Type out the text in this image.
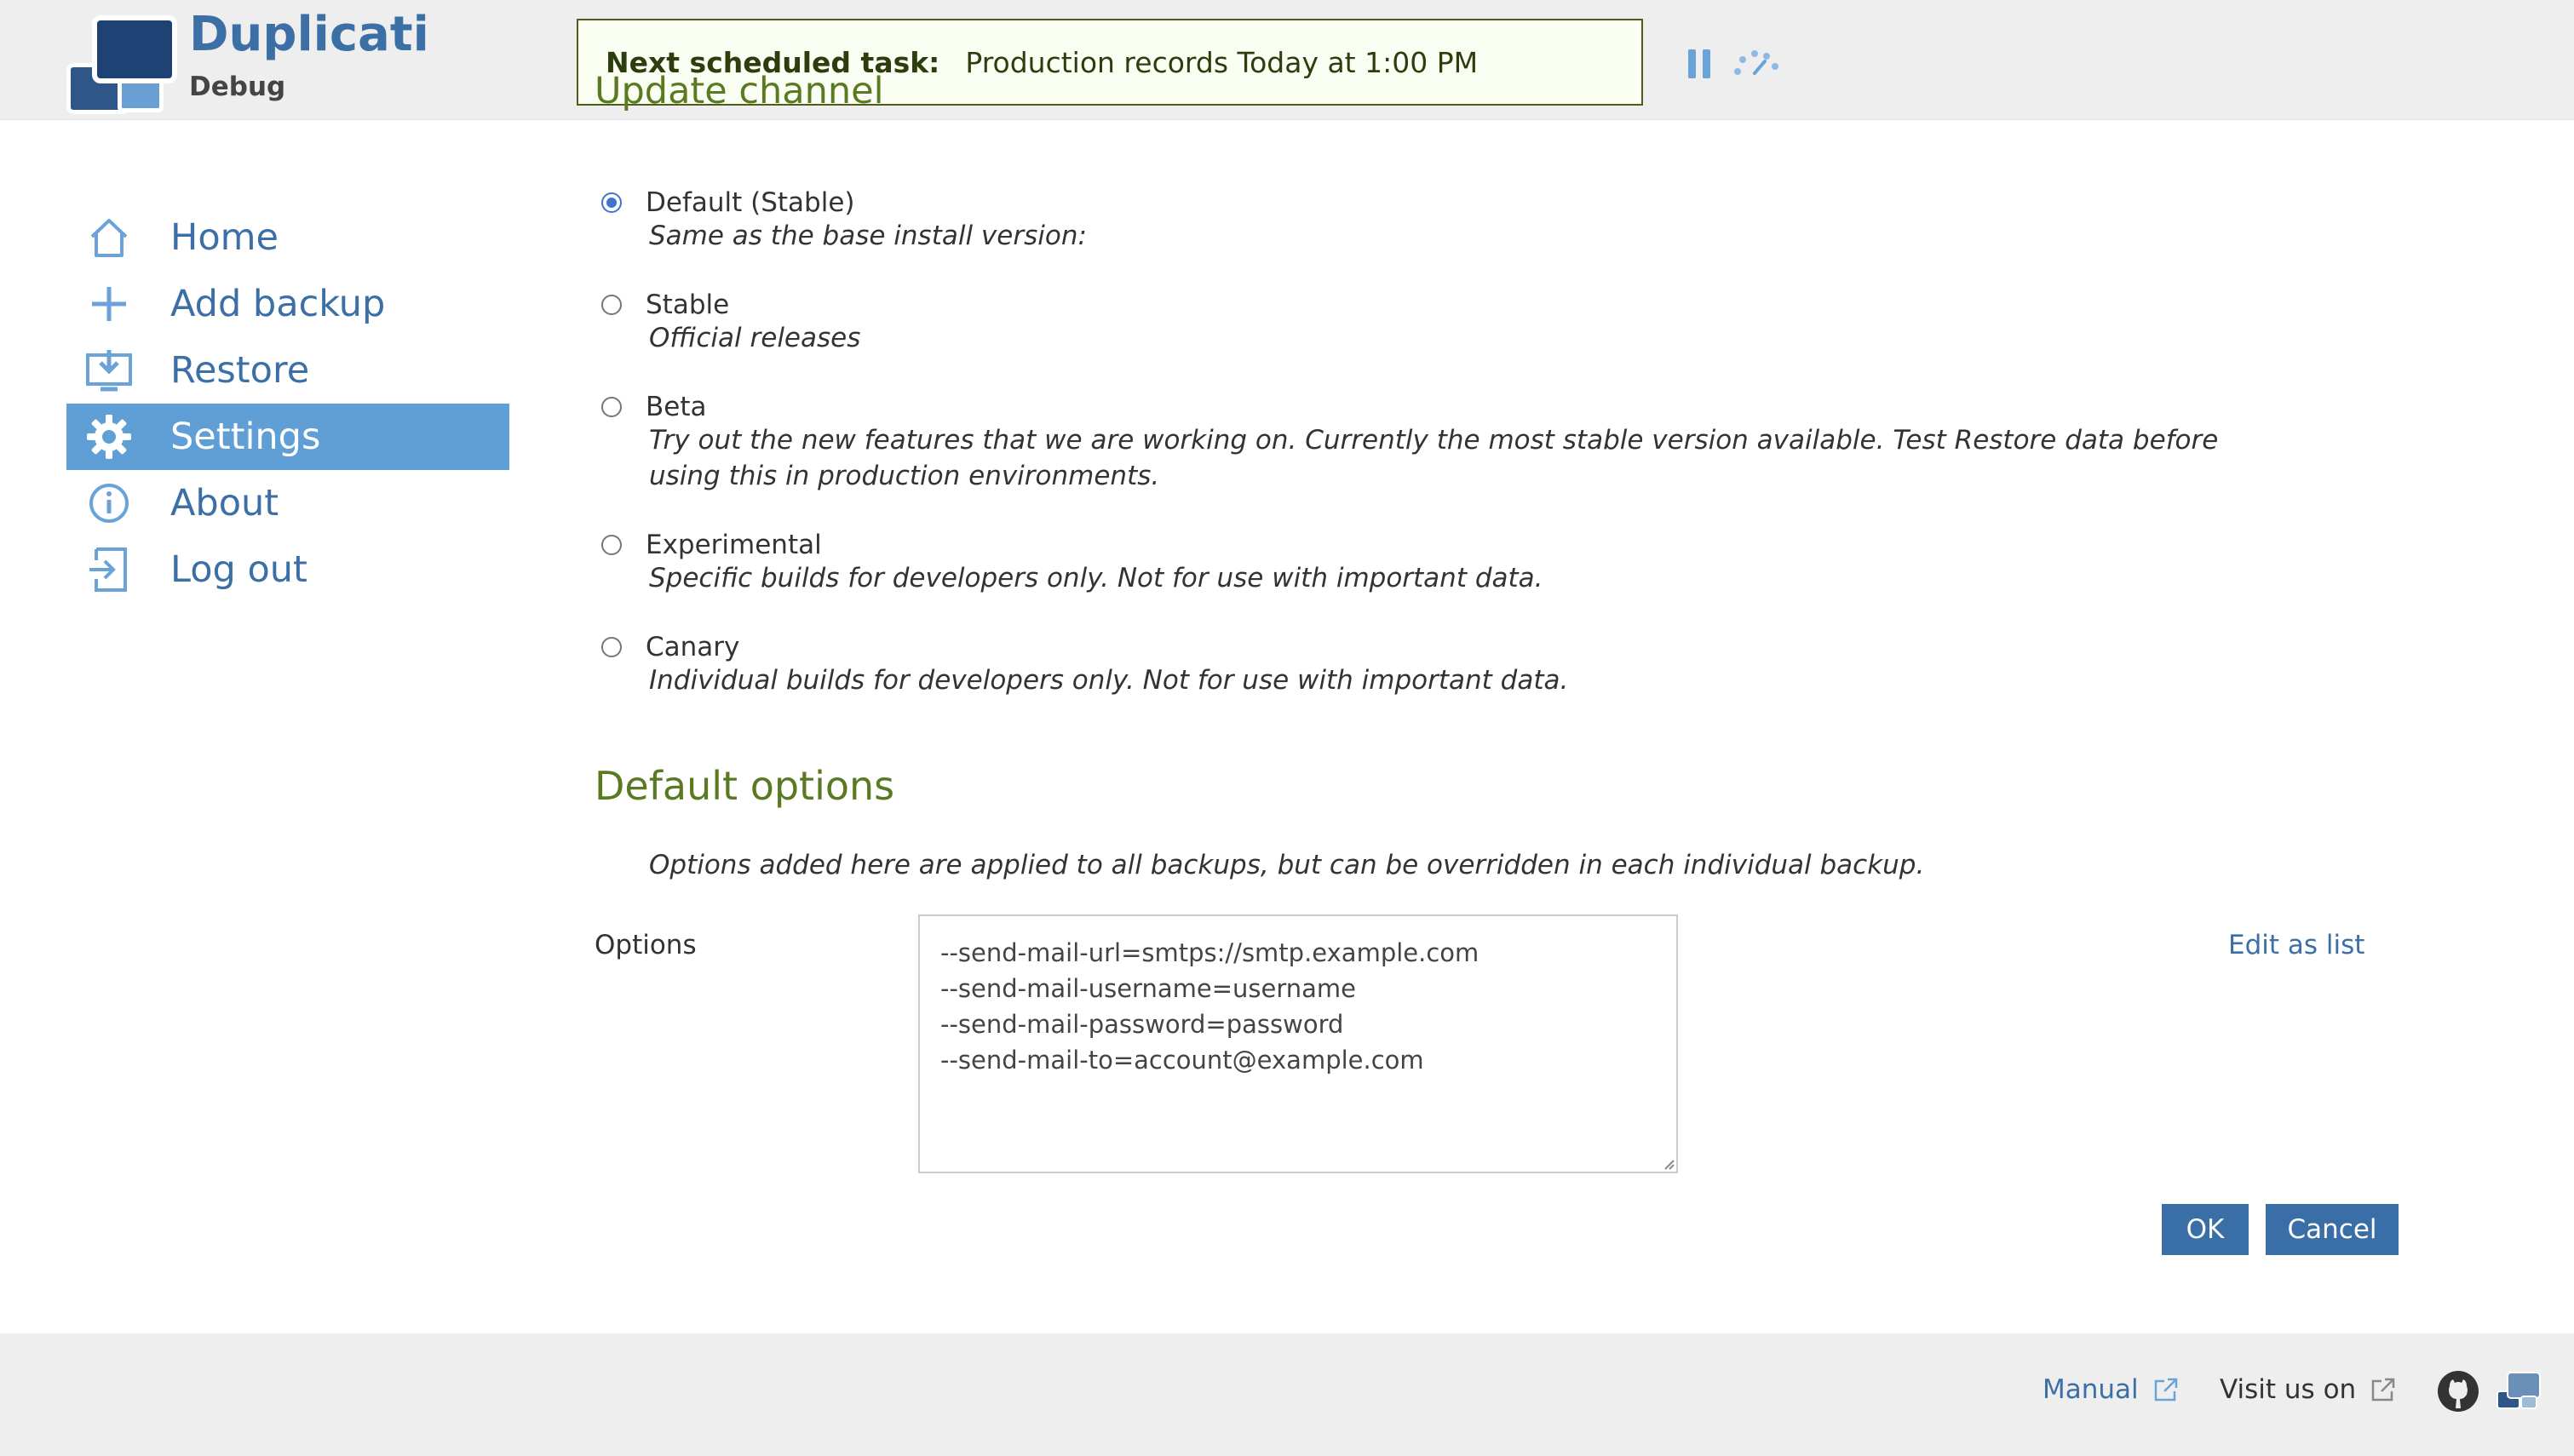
Duplicati
Debug
Next scheduled task: Production records Today at 1:00 PM
Home
Add backup
Restore
Settings
About
Log out
Update channel
Default (Stable)
Same as the base install version:
Stable
Official releases
Beta
Try out the new features that we are working on. Currently the most stable version available. Test Restore data before using this in production environments.
Experimental
Specific builds for developers only. Not for use with important data.
Canary
Individual builds for developers only. Not for use with important data.
Default options
Options added here are applied to all backups, but can be overridden in each individual backup.
Options	--send-mail-url=smtps://smtp.example.com
--send-mail-username=username
--send-mail-password=password
--send-mail-to=account@example.com
Edit as list
OK	Cancel
Manual	Visit us on
